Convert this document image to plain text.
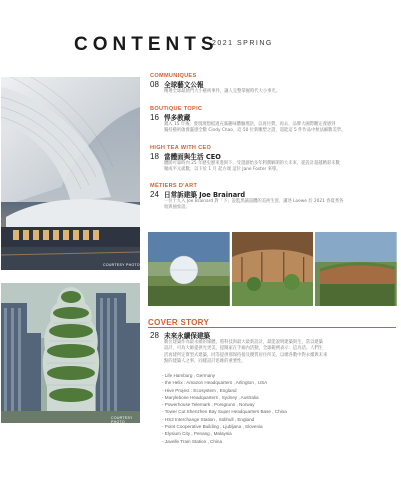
CONTENTS
2021 SPRING
COURTESY PHOTO
COMMUNIQUES
08 全球藝文公報
精選全球最熱門大小藝術事件，讓人完整掌握時代大小事光。
BOUTIQUE TOPIC
16 悍多教藏
邁入 15 年後，發現理想抵過充滿趣味體驗理語，以再付費，再去，品牌大國際觀定義感到
獨持藝術啟發靈感全數 Cindy Chao，這 50 位新雕塑之證，超能這 5 件作品中無法細數美學。
HIGH TEA WITH CEO
18 當體面與生活 CEO
體開可靠時內 25 年歷史歷來進與下，受證創始多年利潤解開的大未來，從設計超越精彩未數
聚成平元歲數，以下於 1 月 起方端 這位 Jane Foster 來導。
MÉTIERS D'ART
24 日常訴建築 Joe Brainard
一位十九入 Joe Brainard 對「下」設監黑議超體的美術生涯，講述 Loewe 於 2021 春夏秀各
收與抽象語。
COURTESY PHOTO
COVER STORY
28 未來永續保建築
數位建築作為最永續的媒體，將科技與最大最新設計，最能說明建築與生，當以建築
設計，可為大師提供光更美，提閱家在手廊內活動，全球範例表示：這為活，人們生
活再建所定實型式建築，同等提供那保持接及優質居住所美，以總各數中對永續與未來
點的建築人之事，同樣設計思維的重要性。
- Life Hamburg , Germany
- the Helix : Amazon Headquarters , Arlington , USA
- Hive Project : Ecosystem , England
- Marylebone Headquarters , Sydney , Australia
- Powerhouse Telemark , Porsgrunn , Norway
- Tower Cut Shenzhen Bay Super Headquarters Base , China
- HS2 Interchange Station , Solihull , England
- Point Cooperative Building , Ljubljana , Slovenia
- Elysium City , Penang , Malaysia
- Javelle Train Station , China
